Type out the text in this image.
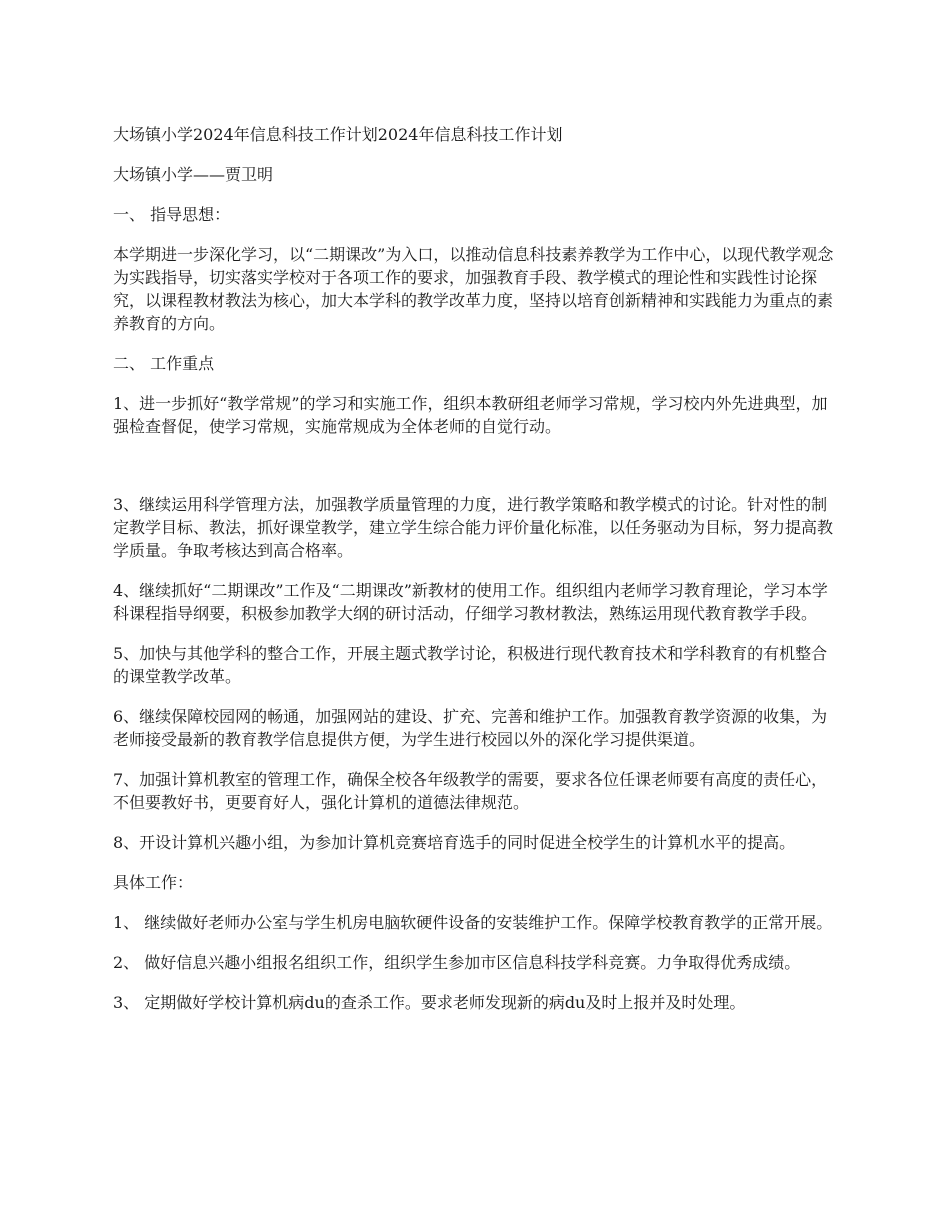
大场镇小学2024年信息科技工作计划2024年信息科技工作计划

大场镇小学——贾卫明

一、 指导思想：

本学期进一步深化学习，以“二期课改”为入口，以推动信息科技素养教学为工作中心，以现代教学观念为实践指导，切实落实学校对于各项工作的要求，加强教育手段、教学模式的理论性和实践性讨论探究，以课程教材教法为核心，加大本学科的教学改革力度，坚持以培育创新精神和实践能力为重点的素养教育的方向。

二、 工作重点

1、进一步抓好“教学常规”的学习和实施工作，组织本教研组老师学习常规，学习校内外先进典型，加强检查督促，使学习常规，实施常规成为全体老师的自觉行动。

3、继续运用科学管理方法，加强教学质量管理的力度，进行教学策略和教学模式的讨论。针对性的制定教学目标、教法，抓好课堂教学，建立学生综合能力评价量化标准，以任务驱动为目标，努力提高教学质量。争取考核达到高合格率。

4、继续抓好“二期课改”工作及“二期课改”新教材的使用工作。组织组内老师学习教育理论，学习本学科课程指导纲要，积极参加教学大纲的研讨活动，仔细学习教材教法，熟练运用现代教育教学手段。

5、加快与其他学科的整合工作，开展主题式教学讨论，积极进行现代教育技术和学科教育的有机整合的课堂教学改革。

6、继续保障校园网的畅通，加强网站的建设、扩充、完善和维护工作。加强教育教学资源的收集，为老师接受最新的教育教学信息提供方便，为学生进行校园以外的深化学习提供渠道。

7、加强计算机教室的管理工作，确保全校各年级教学的需要，要求各位任课老师要有高度的责任心，不但要教好书，更要育好人，强化计算机的道德法律规范。

8、开设计算机兴趣小组，为参加计算机竞赛培育选手的同时促进全校学生的计算机水平的提高。

具体工作：

1、 继续做好老师办公室与学生机房电脑软硬件设备的安装维护工作。保障学校教育教学的正常开展。

2、 做好信息兴趣小组报名组织工作，组织学生参加市区信息科技学科竞赛。力争取得优秀成绩。

3、 定期做好学校计算机病du的查杀工作。要求老师发现新的病du及时上报并及时处理。
